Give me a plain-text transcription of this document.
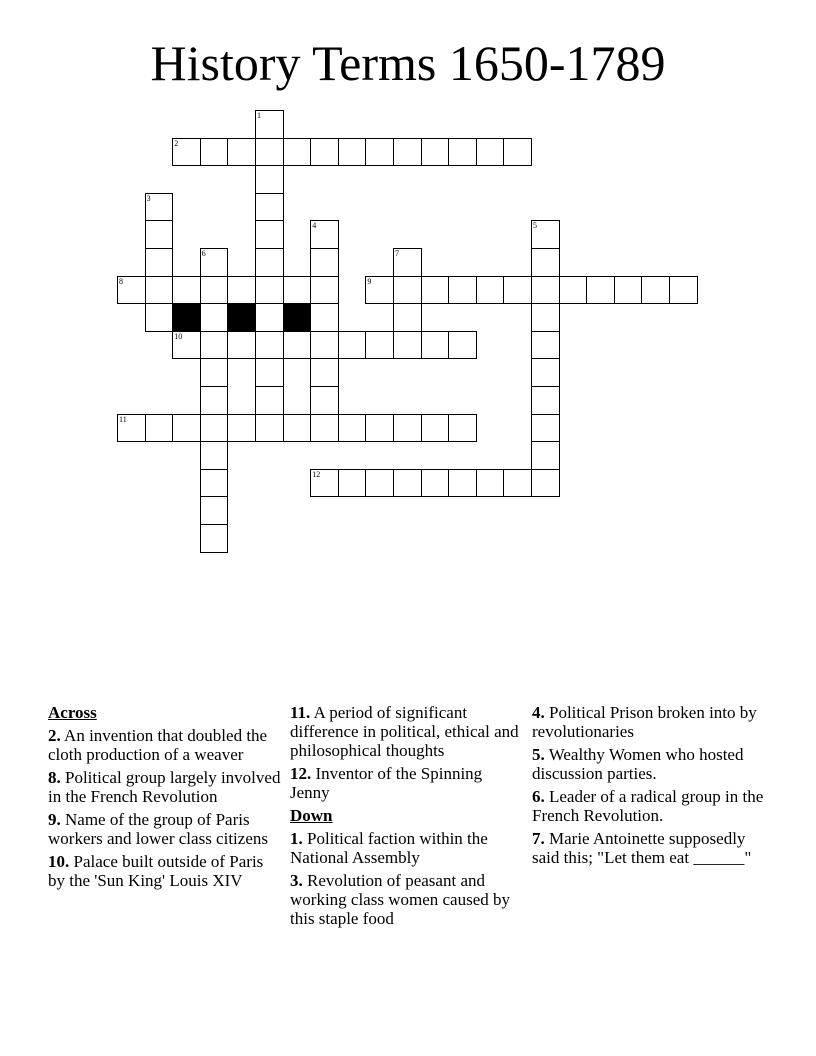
History Terms 1650-1789
1
2
3
4	5
6	7
8	9
10
11
12
Across
2. An invention that doubled the cloth production of a weaver
8. Political group largely involved in the French Revolution
9. Name of the group of Paris workers and lower class citizens
10. Palace built outside of Paris by the 'Sun King' Louis XIV
11. A period of significant difference in political, ethical and philosophical thoughts
12. Inventor of the Spinning Jenny
Down
1. Political faction within the National Assembly
3. Revolution of peasant and working class women caused by this staple food
4. Political Prison broken into by revolutionaries
5. Wealthy Women who hosted discussion parties.
6. Leader of a radical group in the French Revolution.
7. Marie Antoinette supposedly said this; "Let them eat ______"
